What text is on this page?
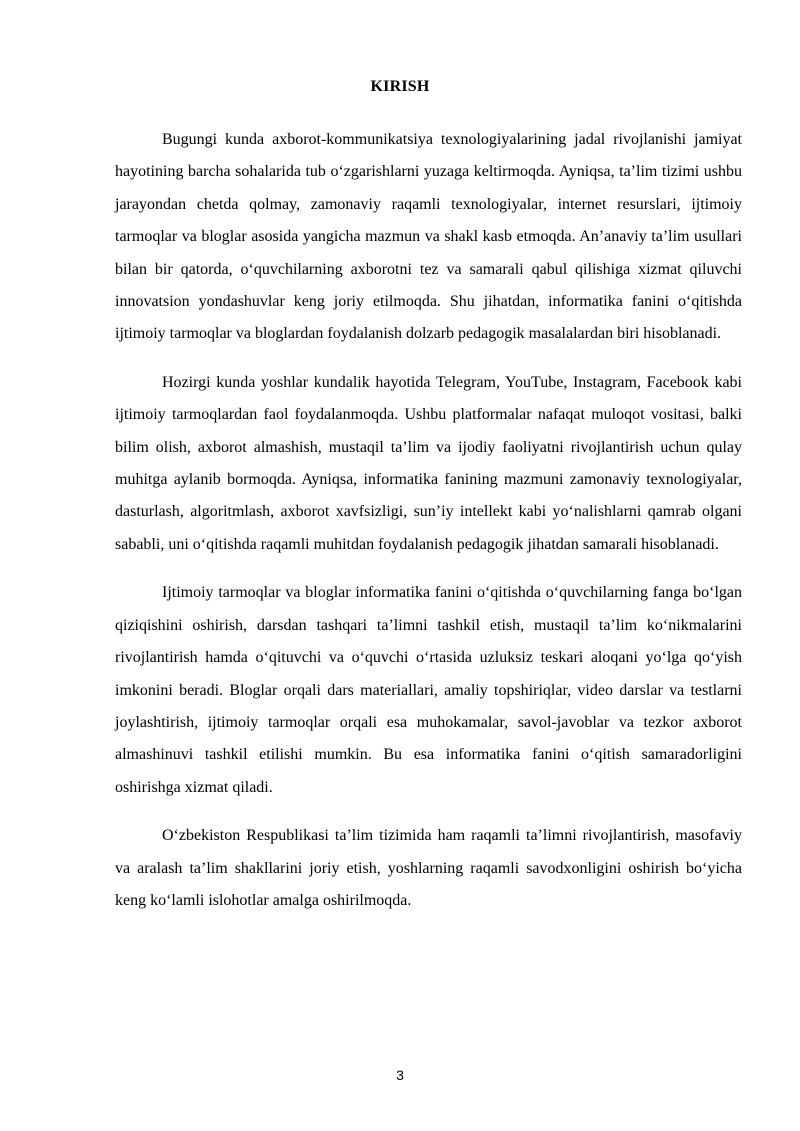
KIRISH

Bugungi kunda axborot-kommunikatsiya texnologiyalarining jadal rivojlanishi jamiyat hayotining barcha sohalarida tub o‘zgarishlarni yuzaga keltirmoqda. Ayniqsa, ta’lim tizimi ushbu jarayondan chetda qolmay, zamonaviy raqamli texnologiyalar, internet resurslari, ijtimoiy tarmoqlar va bloglar asosida yangicha mazmun va shakl kasb etmoqda. An’anaviy ta’lim usullari bilan bir qatorda, o‘quvchilarning axborotni tez va samarali qabul qilishiga xizmat qiluvchi innovatsion yondashuvlar keng joriy etilmoqda. Shu jihatdan, informatika fanini o‘qitishda ijtimoiy tarmoqlar va bloglardan foydalanish dolzarb pedagogik masalalardan biri hisoblanadi.

Hozirgi kunda yoshlar kundalik hayotida Telegram, YouTube, Instagram, Facebook kabi ijtimoiy tarmoqlardan faol foydalanmoqda. Ushbu platformalar nafaqat muloqot vositasi, balki bilim olish, axborot almashish, mustaqil ta’lim va ijodiy faoliyatni rivojlantirish uchun qulay muhitga aylanib bormoqda. Ayniqsa, informatika fanining mazmuni zamonaviy texnologiyalar, dasturlash, algoritmlash, axborot xavfsizligi, sun’iy intellekt kabi yo‘nalishlarni qamrab olgani sababli, uni o‘qitishda raqamli muhitdan foydalanish pedagogik jihatdan samarali hisoblanadi.

Ijtimoiy tarmoqlar va bloglar informatika fanini o‘qitishda o‘quvchilarning fanga bo‘lgan qiziqishini oshirish, darsdan tashqari ta’limni tashkil etish, mustaqil ta’lim ko‘nikmalarini rivojlantirish hamda o‘qituvchi va o‘quvchi o‘rtasida uzluksiz teskari aloqani yo‘lga qo‘yish imkonini beradi. Bloglar orqali dars materiallari, amaliy topshiriqlar, video darslar va testlarni joylashtirish, ijtimoiy tarmoqlar orqali esa muhokamalar, savol-javoblar va tezkor axborot almashinuvi tashkil etilishi mumkin. Bu esa informatika fanini o‘qitish samaradorligini oshirishga xizmat qiladi.

O‘zbekiston Respublikasi ta’lim tizimida ham raqamli ta’limni rivojlantirish, masofaviy va aralash ta’lim shakllarini joriy etish, yoshlarning raqamli savodxonligini oshirish bo‘yicha keng ko‘lamli islohotlar amalga oshirilmoqda.

3
